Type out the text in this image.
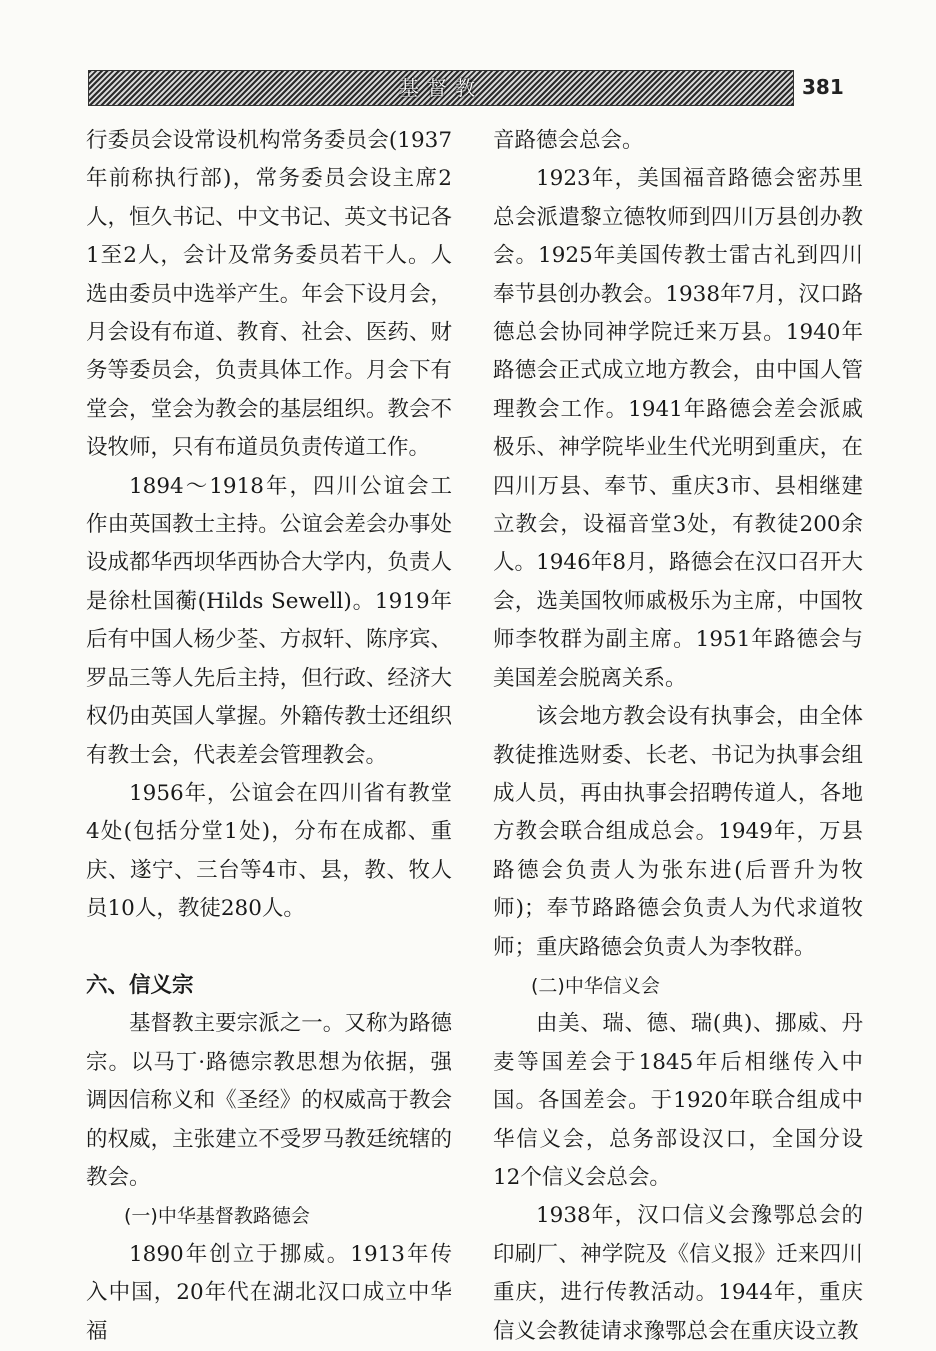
基督教	381

行委员会设常设机构常务委员会(1937年前称执行部)，常务委员会设主席2人，恒久书记、中文书记、英文书记各1至2人，会计及常务委员若干人。人选由委员中选举产生。年会下设月会，月会设有布道、教育、社会、医药、财务等委员会，负责具体工作。月会下有堂会，堂会为教会的基层组织。教会不设牧师，只有布道员负责传道工作。

1894～1918年，四川公谊会工作由英国教士主持。公谊会差会办事处设成都华西坝华西协合大学内，负责人是徐杜国蘅(Hilds Sewell)。1919年后有中国人杨少荃、方叔轩、陈序宾、罗品三等人先后主持，但行政、经济大权仍由英国人掌握。外籍传教士还组织有教士会，代表差会管理教会。

1956年，公谊会在四川省有教堂4处(包括分堂1处)，分布在成都、重庆、遂宁、三台等4市、县，教、牧人员10人，教徒280人。

六、信义宗

基督教主要宗派之一。又称为路德宗。以马丁·路德宗教思想为依据，强调因信称义和《圣经》的权威高于教会的权威，主张建立不受罗马教廷统辖的教会。

(一)中华基督教路德会

1890年创立于挪威。1913年传入中国，20年代在湖北汉口成立中华福

音路德会总会。

1923年，美国福音路德会密苏里总会派遣黎立德牧师到四川万县创办教会。1925年美国传教士雷古礼到四川奉节县创办教会。1938年7月，汉口路德总会协同神学院迁来万县。1940年路德会正式成立地方教会，由中国人管理教会工作。1941年路德会差会派戚极乐、神学院毕业生代光明到重庆，在四川万县、奉节、重庆3市、县相继建立教会，设福音堂3处，有教徒200余人。1946年8月，路德会在汉口召开大会，选美国牧师戚极乐为主席，中国牧师李牧群为副主席。1951年路德会与美国差会脱离关系。

该会地方教会设有执事会，由全体教徒推选财委、长老、书记为执事会组成人员，再由执事会招聘传道人，各地方教会联合组成总会。1949年，万县路德会负责人为张东进(后晋升为牧师)；奉节路路德会负责人为代求道牧师；重庆路德会负责人为李牧群。

(二)中华信义会

由美、瑞、德、瑞(典)、挪威、丹麦等国差会于1845年后相继传入中国。各国差会。于1920年联合组成中华信义会，总务部设汉口，全国分设12个信义会总会。

1938年，汉口信义会豫鄂总会的印刷厂、神学院及《信义报》迁来四川重庆，进行传教活动。1944年，重庆信义会教徒请求豫鄂总会在重庆设立教
